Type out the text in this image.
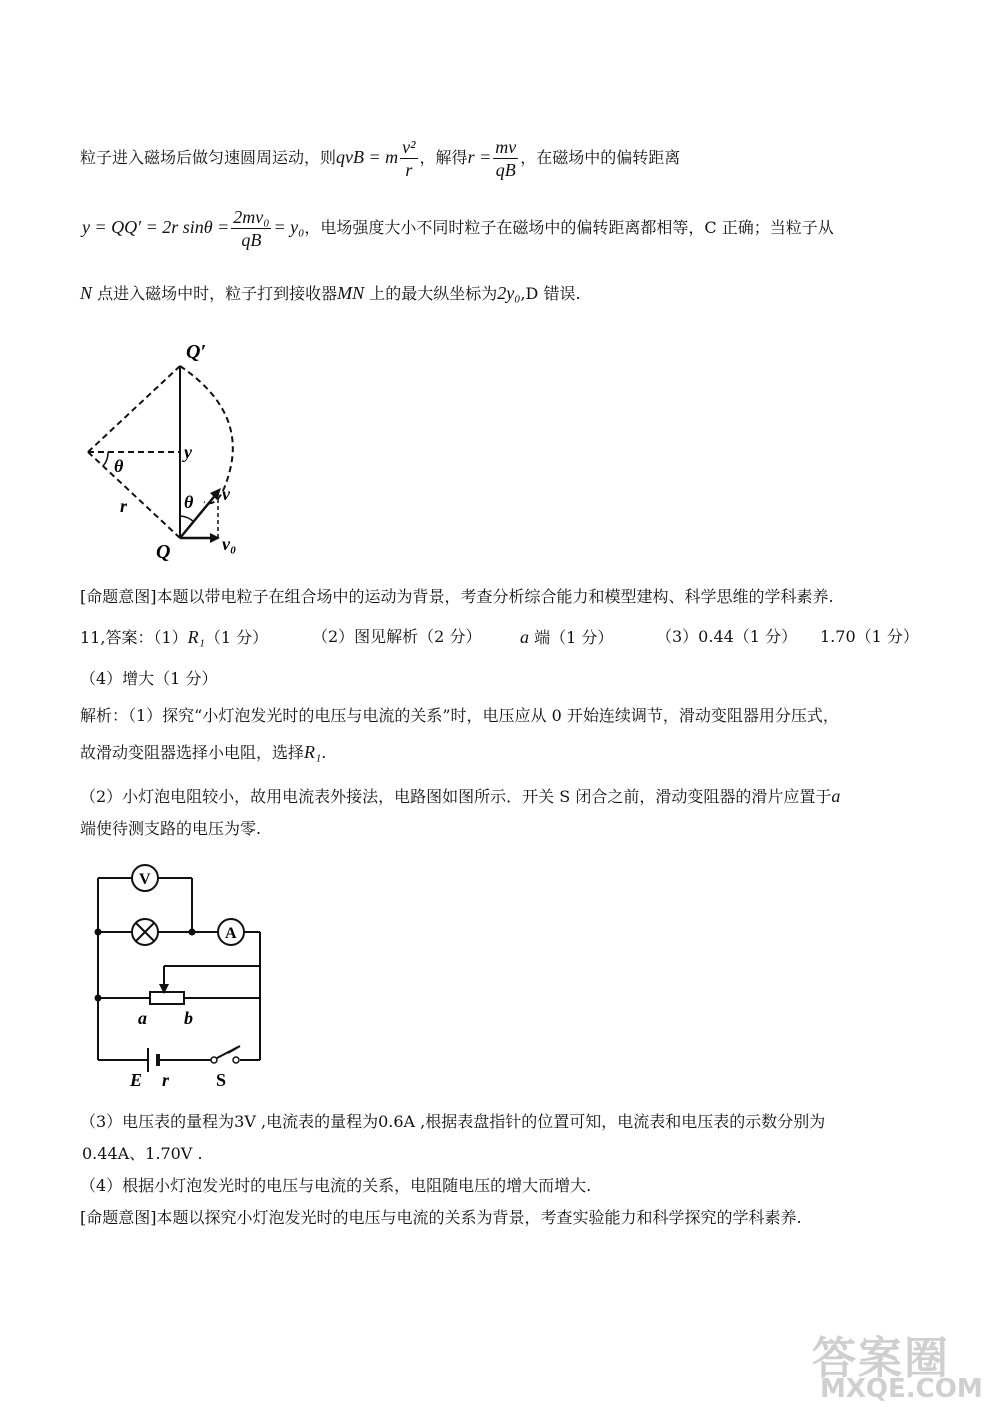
粒子进入磁场后做匀速圆周运动，则qvB = m $\frac{\text{v²}}{r}$ ，解得$r = \frac{mv}{qB}$ ，在磁场中的偏转距离
y = QQ′ = 2r $\sin\theta = \frac{\text{2mv₀}}{qB} = y_0$，电场强度大小不同时粒子在磁场中的偏转距离都相等，C 正确；当粒子从
N 点进入磁场中时，粒子打到接收器MN 上的最大纵坐标为2y₀,D 错误.
Q′
Q
y
θ
θ
r
v
v₀
[命题意图]本题以带电粒子在组合场中的运动为背景，考查分析综合能力和模型建构、科学思维的学科素养.
11,答案：（1）R₁（1 分）	（2）图见解析（2 分） a 端（1 分）	（3）0.44（1 分） 1.70（1 分）
（4）增大（1 分）
解析：（1）探究“小灯泡发光时的电压与电流的关系”时，电压应从 0 开始连续调节，滑动变阻器用分压式，
故滑动变阻器选择小电阻，选择R₁.
（2）小灯泡电阻较小，故用电流表外接法，电路图如图所示．开关 S 闭合之前，滑动变阻器的滑片应置于a
端使待测支路的电压为零.
V
A
a b
E r	S
（3）电压表的量程为3V ,电流表的量程为0.6A ,根据表盘指针的位置可知，电流表和电压表的示数分别为
0.44A、1.70V .
（4）根据小灯泡发光时的电压与电流的关系，电阻随电压的增大而增大.
[命题意图]本题以探究小灯泡发光时的电压与电流的关系为背景，考查实验能力和科学探究的学科素养.
答案圈
MXQE.COM
